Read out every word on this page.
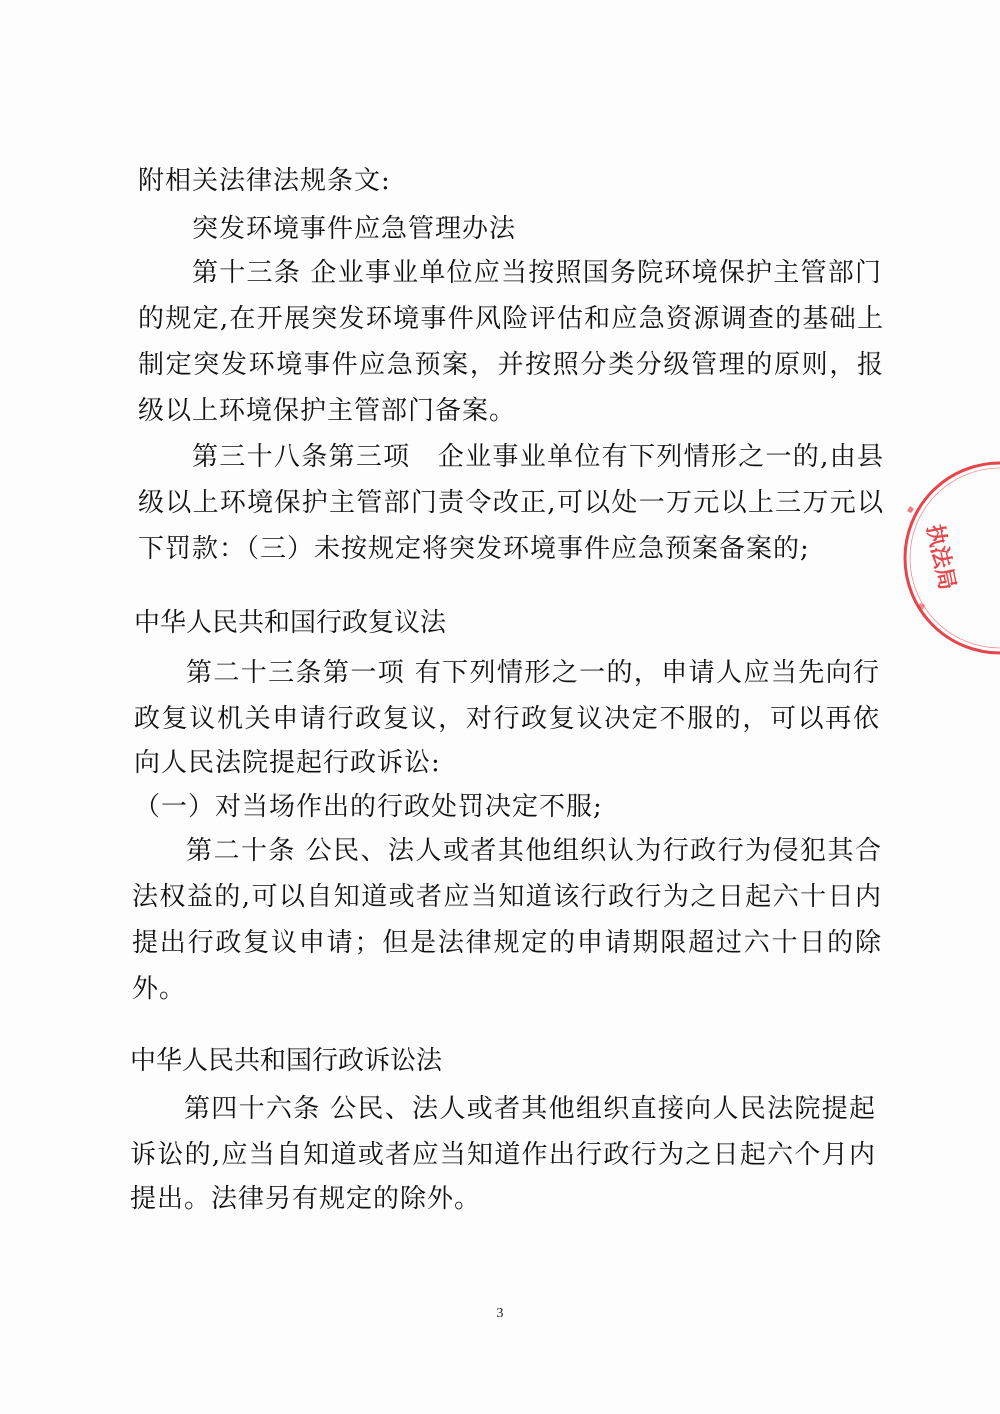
附相关法律法规条文:
突发环境事件应急管理办法
第十三条 企业事业单位应当按照国务院环境保护主管部门
的规定,在开展突发环境事件风险评估和应急资源调查的基础上
制定突发环境事件应急预案，并按照分类分级管理的原则，报
级以上环境保护主管部门备案。
第三十八条第三项　企业事业单位有下列情形之一的,由县
级以上环境保护主管部门责令改正,可以处一万元以上三万元以
下罚款：（三）未按规定将突发环境事件应急预案备案的;
中华人民共和国行政复议法
第二十三条第一项 有下列情形之一的，申请人应当先向行
政复议机关申请行政复议，对行政复议决定不服的，可以再依
向人民法院提起行政诉讼:
（一）对当场作出的行政处罚决定不服;
第二十条 公民、法人或者其他组织认为行政行为侵犯其合
法权益的,可以自知道或者应当知道该行政行为之日起六十日内
提出行政复议申请；但是法律规定的申请期限超过六十日的除
外。
中华人民共和国行政诉讼法
第四十六条 公民、法人或者其他组织直接向人民法院提起
诉讼的,应当自知道或者应当知道作出行政行为之日起六个月内
提出。法律另有规定的除外。
3
执法局
